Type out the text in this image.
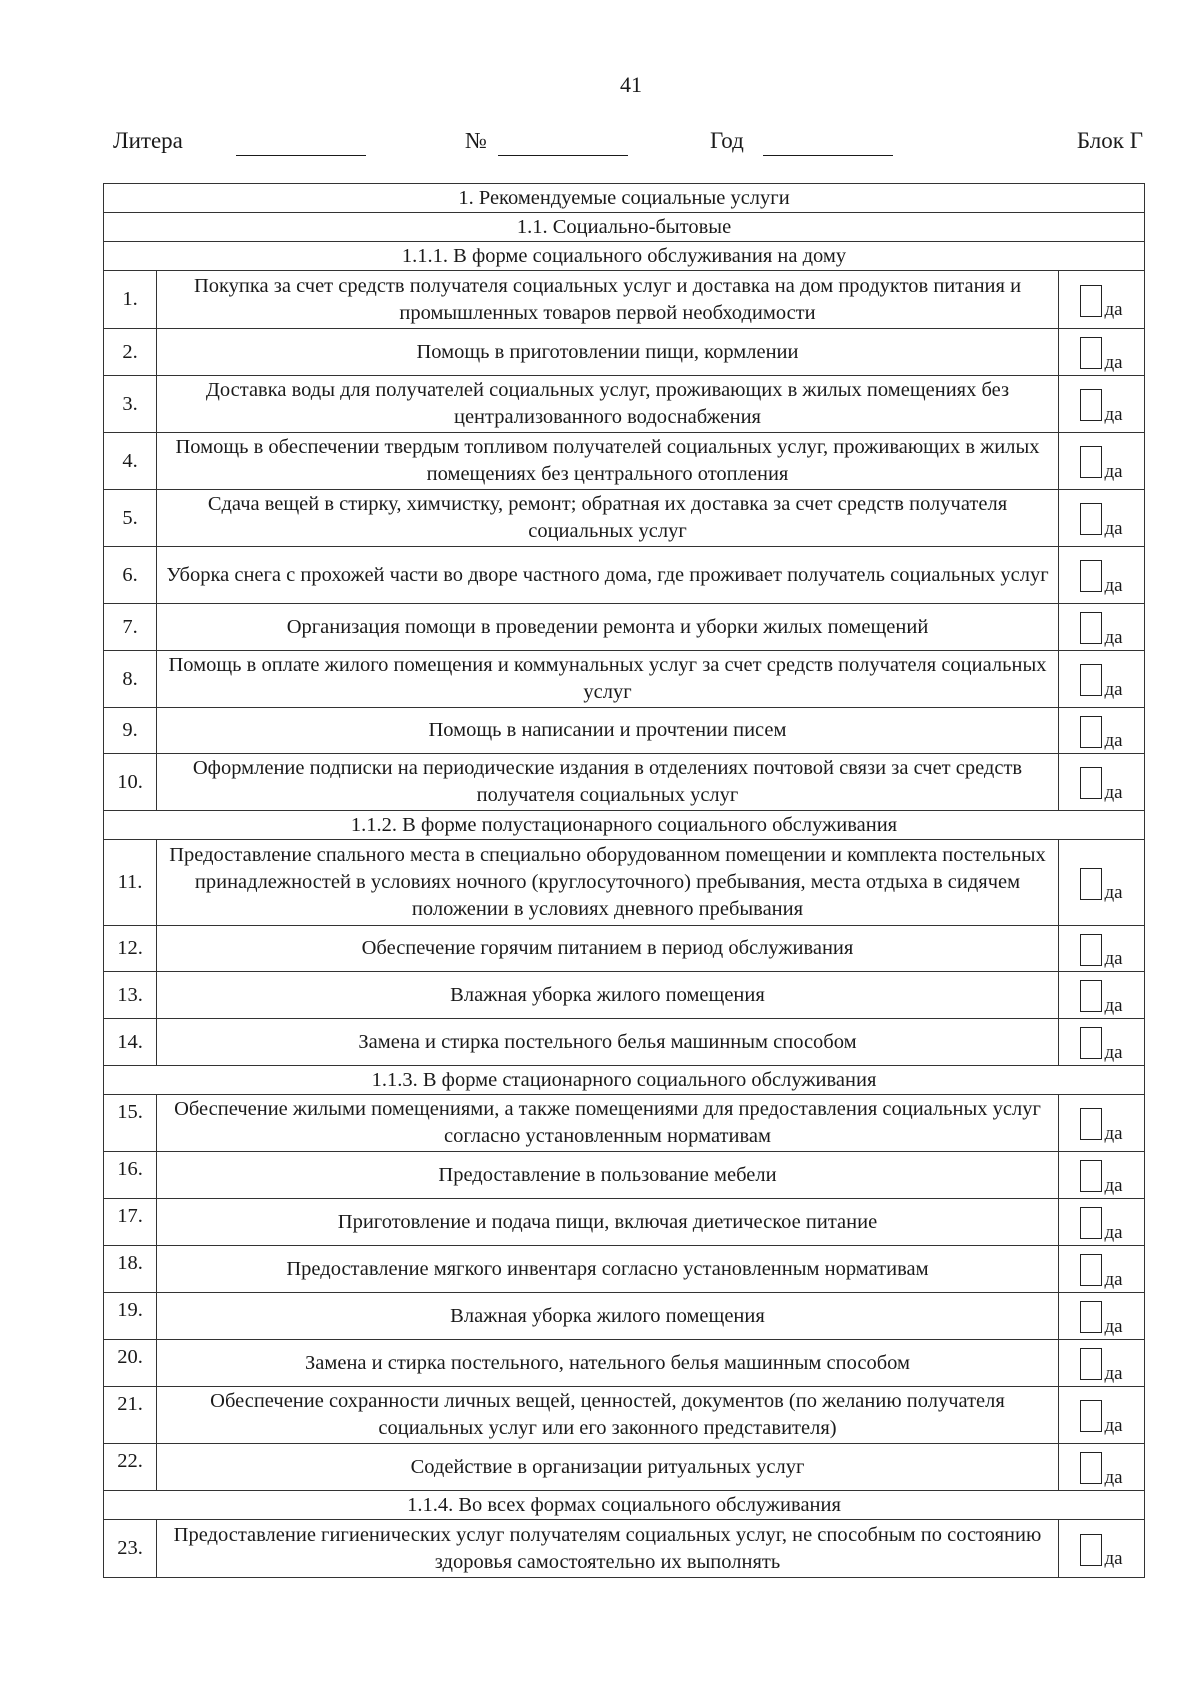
41
Литера	№	Год	Блок Г
1. Рекомендуемые социальные услуги		
1.1. Социально-бытовые		
1.1.1. В форме социального обслуживания на дому		
1.	Покупка за счет средств получателя социальных услуг и доставка на дом продуктов питания и промышленных товаров первой необходимости	да

2.	Помощь в приготовлении пищи, кормлении	да

3.	Доставка воды для получателей социальных услуг, проживающих в жилых помещениях без централизованного водоснабжения	да

4.	Помощь в обеспечении твердым топливом получателей социальных услуг, проживающих в жилых помещениях без центрального отопления	да

5.	Сдача вещей в стирку, химчистку, ремонт; обратная их доставка за счет средств получателя социальных услуг	да

6.	Уборка снега с прохожей части во дворе частного дома, где проживает получатель социальных услуг	да

7.	Организация помощи в проведении ремонта и уборки жилых помещений	да

8.	Помощь в оплате жилого помещения и коммунальных услуг за счет средств получателя социальных услуг	да

9.	Помощь в написании и прочтении писем	да

10.	Оформление подписки на периодические издания в отделениях почтовой связи за счет средств получателя социальных услуг	да

1.1.2. В форме полустационарного социального обслуживания		
11.	Предоставление спального места в специально оборудованном помещении и комплекта постельных принадлежностей в условиях ночного (круглосуточного) пребывания, места отдыха в сидячем положении в условиях дневного пребывания	да

12.	Обеспечение горячим питанием в период обслуживания	да

13.	Влажная уборка жилого помещения	да

14.	Замена и стирка постельного белья машинным способом	да

1.1.3. В форме стационарного социального обслуживания		
15.	Обеспечение жилыми помещениями, а также помещениями для предоставления социальных услуг согласно установленным нормативам	да

16.	Предоставление в пользование мебели	да

17.	Приготовление и подача пищи, включая диетическое питание	да

18.	Предоставление мягкого инвентаря согласно установленным нормативам	да

19.	Влажная уборка жилого помещения	да

20.	Замена и стирка постельного, нательного белья машинным способом	да

21.	Обеспечение сохранности личных вещей, ценностей, документов (по желанию получателя социальных услуг или его законного представителя)	да

22.	Содействие в организации ритуальных услуг	да

1.1.4. Во всех формах социального обслуживания		
23.	Предоставление гигиенических услуг получателям социальных услуг, не способным по состоянию здоровья самостоятельно их выполнять	да
